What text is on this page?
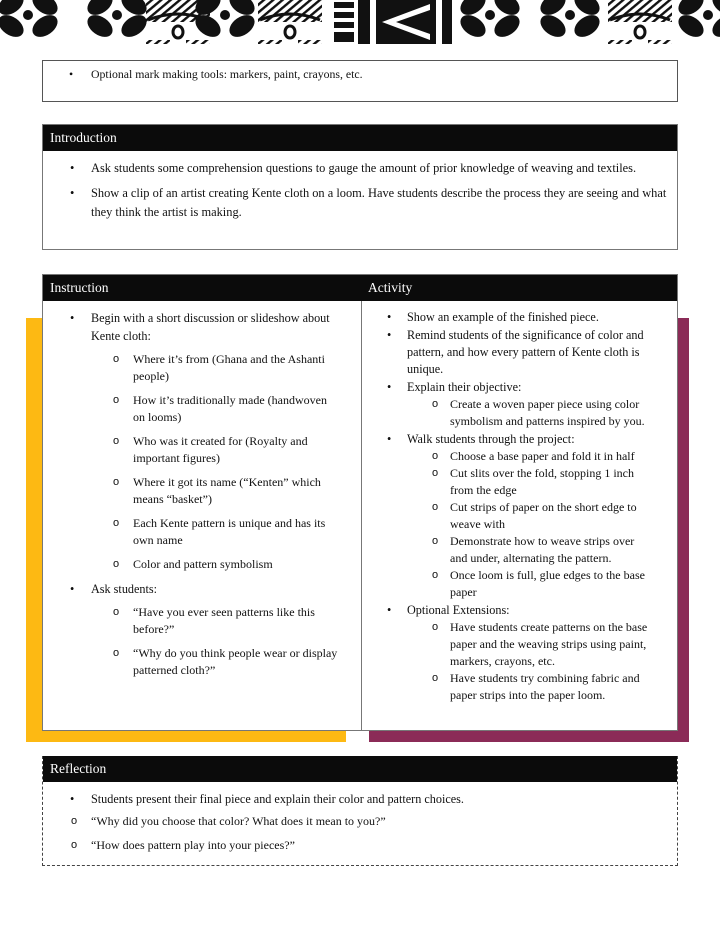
• Optional mark making tools: markers, paint, crayons, etc.
Introduction
• Ask students some comprehension questions to gauge the amount of prior knowledge of weaving and textiles.
• Show a clip of an artist creating Kente cloth on a loom. Have students describe the process they are seeing and what they think the artist is making.
Instruction
• Begin with a short discussion or slideshow about Kente cloth:
o Where it’s from (Ghana and the Ashanti people)
o How it’s traditionally made (handwoven on looms)
o Who was it created for (Royalty and important figures)
o Where it got its name (“Kenten” which means “basket”)
o Each Kente pattern is unique and has its own name
o Color and pattern symbolism
• Ask students:
o “Have you ever seen patterns like this before?”
o “Why do you think people wear or display patterned cloth?”
Activity
• Show an example of the finished piece.
• Remind students of the significance of color and pattern, and how every pattern of Kente cloth is unique.
• Explain their objective:
o Create a woven paper piece using color symbolism and patterns inspired by you.
• Walk students through the project:
o Choose a base paper and fold it in half
o Cut slits over the fold, stopping 1 inch from the edge
o Cut strips of paper on the short edge to weave with
o Demonstrate how to weave strips over and under, alternating the pattern.
o Once loom is full, glue edges to the base paper
• Optional Extensions:
o Have students create patterns on the base paper and the weaving strips using paint, markers, crayons, etc.
o Have students try combining fabric and paper strips into the paper loom.
Reflection
• Students present their final piece and explain their color and pattern choices.
o “Why did you choose that color? What does it mean to you?”
o “How does pattern play into your pieces?”
